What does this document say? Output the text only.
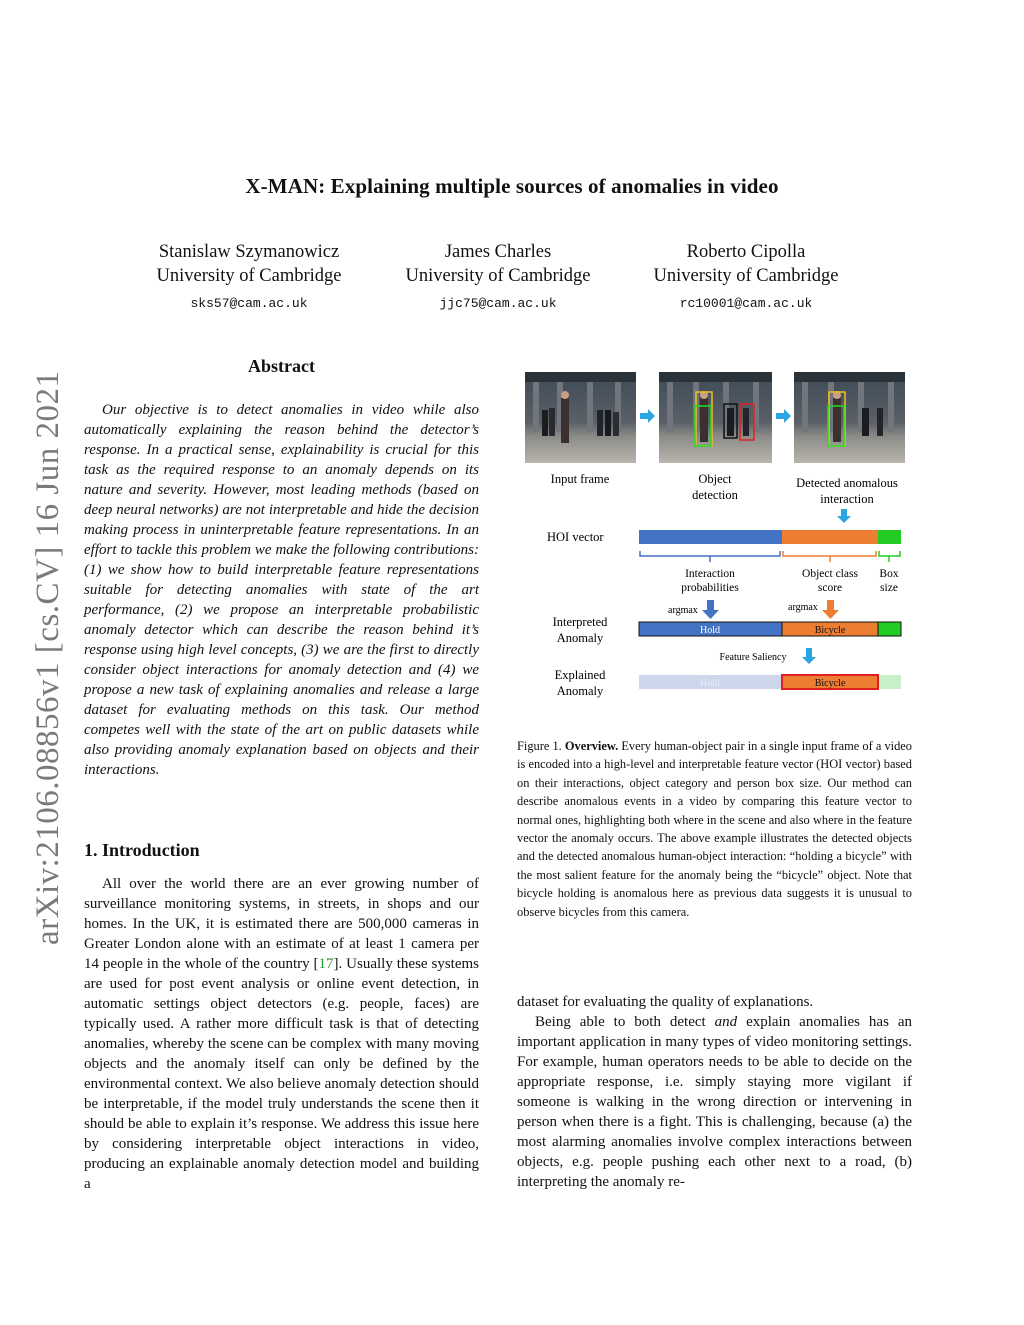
X-MAN: Explaining multiple sources of anomalies in video
Stanislaw Szymanowicz
University of Cambridge
sks57@cam.ac.uk
James Charles
University of Cambridge
jjc75@cam.ac.uk
Roberto Cipolla
University of Cambridge
rc10001@cam.ac.uk
arXiv:2106.08856v1 [cs.CV] 16 Jun 2021
Abstract
Our objective is to detect anomalies in video while also automatically explaining the reason behind the detector’s response. In a practical sense, explainability is crucial for this task as the required response to an anomaly depends on its nature and severity. However, most leading methods (based on deep neural networks) are not interpretable and hide the decision making process in uninterpretable feature representations. In an effort to tackle this problem we make the following contributions: (1) we show how to build interpretable feature representations suitable for detecting anomalies with state of the art performance, (2) we propose an interpretable probabilistic anomaly detector which can describe the reason behind it’s response using high level concepts, (3) we are the first to directly consider object interactions for anomaly detection and (4) we propose a new task of explaining anomalies and release a large dataset for evaluating methods on this task. Our method competes well with the state of the art on public datasets while also providing anomaly explanation based on objects and their interactions.
1. Introduction
All over the world there are an ever growing number of surveillance monitoring systems, in streets, in shops and our homes. In the UK, it is estimated there are 500,000 cameras in Greater London alone with an estimate of at least 1 camera per 14 people in the whole of the country [17]. Usually these systems are used for post event analysis or online event detection, in automatic settings object detectors (e.g. people, faces) are typically used. A rather more difficult task is that of detecting anomalies, whereby the scene can be complex with many moving objects and the anomaly itself can only be defined by the environmental context. We also believe anomaly detection should be interpretable, if the model truly understands the scene then it should be able to explain it’s response. We address this issue here by considering interpretable object interactions in video, producing an explainable anomaly detection model and building a
Input frame	Object
detection
Detected anomalous
interaction
HOI vector
Interaction
probabilities
Object class
score
Box
size
argmax	argmax
Interpreted
Anomaly
Hold	Bicycle
Feature Saliency
Explained
Anomaly
Hold	Bicycle
Figure 1. Overview. Every human-object pair in a single input frame of a video is encoded into a high-level and interpretable feature vector (HOI vector) based on their interactions, object category and person box size. Our method can describe anomalous events in a video by comparing this feature vector to normal ones, highlighting both where in the scene and also where in the feature vector the anomaly occurs. The above example illustrates the detected objects and the detected anomalous human-object interaction: “holding a bicycle” with the most salient feature for the anomaly being the “bicycle” object. Note that bicycle holding is anomalous here as previous data suggests it is unusual to observe bicycles from this camera.

dataset for evaluating the quality of explanations.

Being able to both detect and explain anomalies has an important application in many types of video monitoring settings. For example, human operators needs to be able to decide on the appropriate response, i.e. simply staying more vigilant if someone is walking in the wrong direction or intervening in person when there is a fight. This is challenging, because (a) the most alarming anomalies involve complex interactions between objects, e.g. people pushing each other next to a road, (b) interpreting the anomaly re-
